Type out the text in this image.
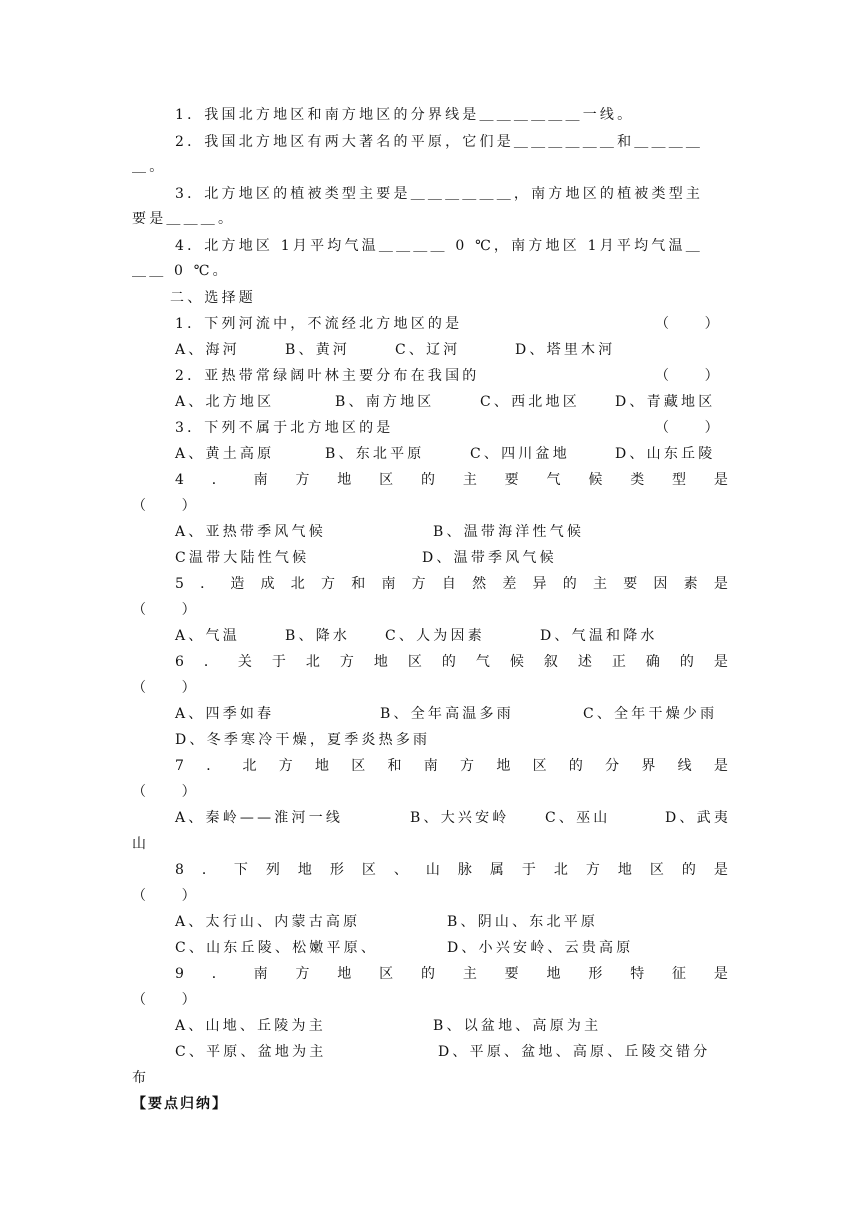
1．我国北方地区和南方地区的分界线是＿＿＿＿＿＿一线。
2．我国北方地区有两大著名的平原，它们是＿＿＿＿＿＿和＿＿＿＿
＿。
3．北方地区的植被类型主要是＿＿＿＿＿＿，南方地区的植被类型主
要是＿＿＿。
4．北方地区 1月平均气温＿＿＿＿ 0 ℃，南方地区 1月平均气温＿
＿＿ 0 ℃。
二、选择题
1．下列河流中，不流经北方地区的是	（        ）
A、海河	B、黄河	C、辽河	D、塔里木河
2．亚热带常绿阔叶林主要分布在我国的	（        ）
A、北方地区	B、南方地区	C、西北地区	D、青藏地区
3．下列不属于北方地区的是	（        ）
A、黄土高原	B、东北平原	C、四川盆地	D、山东丘陵
4 ． 南 方 地 区 的 主 要 气 候 类 型 是
（        ）
A、亚热带季风气候	B、温带海洋性气候
C温带大陆性气候	D、温带季风气候
5 ． 造 成 北 方 和 南 方 自 然 差 异 的 主 要 因 素 是
（        ）
A、气温	B、降水 C、人为因素	D、气温和降水
6 ． 关 于 北 方 地 区 的 气 候 叙 述 正 确 的 是
（        ）
A、四季如春	B、全年高温多雨	C、全年干燥少雨
D、冬季寒冷干燥，夏季炎热多雨
7 ． 北 方 地 区 和 南 方 地 区 的 分 界 线 是
（        ）
A、秦岭——淮河一线	B、大兴安岭	C、巫山	D、武夷
山
8 ． 下 列 地 形 区 、 山 脉 属 于 北 方 地 区 的 是
（        ）
A、太行山、内蒙古高原	B、阴山、东北平原
C、山东丘陵、松嫩平原、	D、小兴安岭、云贵高原
9 ． 南 方 地 区 的 主 要 地 形 特 征 是
（        ）
A、山地、丘陵为主	B、以盆地、高原为主
C、平原、盆地为主	D、平原、盆地、高原、丘陵交错分
布
【要点归纳】
